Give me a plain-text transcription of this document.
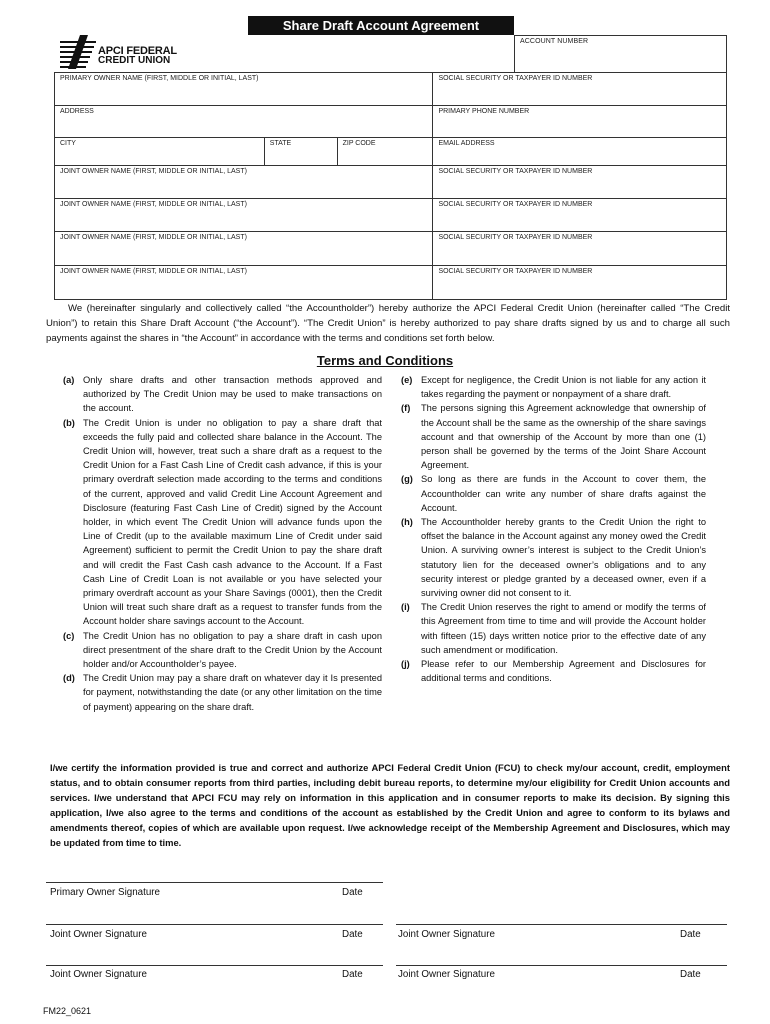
Share Draft Account Agreement
ACCOUNT NUMBER
APCI FEDERAL
CREDIT UNION
PRIMARY OWNER NAME (FIRST, MIDDLE OR INITIAL, LAST)	SOCIAL SECURITY OR TAXPAYER ID NUMBER
ADDRESS	PRIMARY PHONE NUMBER
CITY	STATE	ZIP CODE	EMAIL ADDRESS
JOINT OWNER NAME (FIRST, MIDDLE OR INITIAL, LAST)	SOCIAL SECURITY OR TAXPAYER ID NUMBER
JOINT OWNER NAME (FIRST, MIDDLE OR INITIAL, LAST)	SOCIAL SECURITY OR TAXPAYER ID NUMBER
JOINT OWNER NAME (FIRST, MIDDLE OR INITIAL, LAST)	SOCIAL SECURITY OR TAXPAYER ID NUMBER
JOINT OWNER NAME (FIRST, MIDDLE OR INITIAL, LAST)	SOCIAL SECURITY OR TAXPAYER ID NUMBER
We (hereinafter singularly and collectively called “the Accountholder”) hereby authorize the APCI Federal Credit Union (hereinafter called “The Credit Union”) to retain this Share Draft Account (“the Account”). “The Credit Union” is hereby authorized to pay share drafts signed by us and to charge all such payments against the shares in “the Account” in accordance with the terms and conditions set forth below.
Terms and Conditions
(a) Only share drafts and other transaction methods approved and authorized by The Credit Union may be used to make transactions on the account.
(b) The Credit Union is under no obligation to pay a share draft that exceeds the fully paid and collected share balance in the Account. The Credit Union will, however, treat such a share draft as a request to the Credit Union for a Fast Cash Line of Credit cash advance, if this is your primary overdraft selection made according to the terms and conditions of the current, approved and valid Credit Line Account Agreement and Disclosure (featuring Fast Cash Line of Credit) signed by the Account holder, in which event The Credit Union will advance funds upon the Line of Credit (up to the available maximum Line of Credit under said Agreement) sufficient to permit the Credit Union to pay the share draft and will credit the Fast Cash cash advance to the Account. If a Fast Cash Line of Credit Loan is not available or you have selected your primary overdraft account as your Share Savings (0001), then the Credit Union will treat such share draft as a request to transfer funds from the Account holder share savings account to the Account.
(c) The Credit Union has no obligation to pay a share draft in cash upon direct presentment of the share draft to the Credit Union by the Account holder and/or Accountholder’s payee.
(d) The Credit Union may pay a share draft on whatever day it Is presented for payment, notwithstanding the date (or any other limitation on the time of payment) appearing on the share draft.
(e) Except for negligence, the Credit Union is not liable for any action it takes regarding the payment or nonpayment of a share draft.
(f) The persons signing this Agreement acknowledge that ownership of the Account shall be the same as the ownership of the share savings account and that ownership of the Account by more than one (1) person shall be governed by the terms of the Joint Share Account Agreement.
(g) So long as there are funds in the Account to cover them, the Accountholder can write any number of share drafts against the Account.
(h) The Accountholder hereby grants to the Credit Union the right to offset the balance in the Account against any money owed the Credit Union. A surviving owner’s interest is subject to the Credit Union’s statutory lien for the deceased owner’s obligations and to any security interest or pledge granted by a deceased owner, even if a surviving owner did not consent to it.
(i) The Credit Union reserves the right to amend or modify the terms of this Agreement from time to time and will provide the Account holder with fifteen (15) days written notice prior to the effective date of any such amendment or modification.
(j) Please refer to our Membership Agreement and Disclosures for additional terms and conditions.
I/we certify the information provided is true and correct and authorize APCI Federal Credit Union (FCU) to check my/our account, credit, employment status, and to obtain consumer reports from third parties, including debit bureau reports, to determine my/our eligibility for Credit Union accounts and services. I/we understand that APCI FCU may rely on information in this application and in consumer reports to make its decision. By signing this application, I/we also agree to the terms and conditions of the account as established by the Credit Union and agree to conform to its bylaws and amendments thereof, copies of which are available upon request. I/we acknowledge receipt of the Membership Agreement and Disclosures, which may be updated from time to time.
Primary Owner Signature	Date
Joint Owner Signature	Date	Joint Owner Signature	Date
Joint Owner Signature	Date	Joint Owner Signature	Date
FM22_0621
